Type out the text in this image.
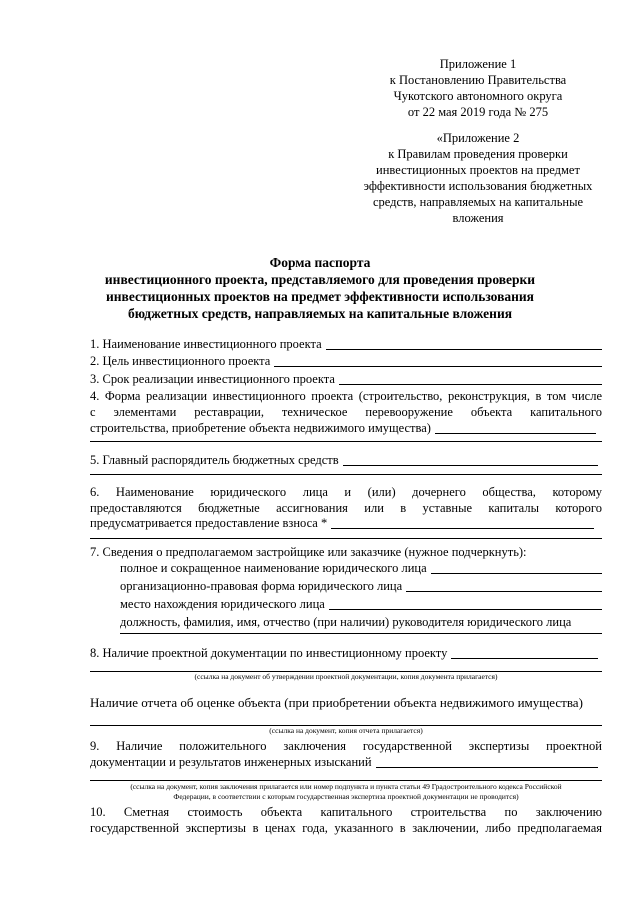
Приложение 1
к Постановлению Правительства
Чукотского автономного округа
от 22 мая 2019 года № 275
«Приложение 2
к Правилам проведения проверки
инвестиционных проектов на предмет
эффективности использования бюджетных
средств, направляемых на капитальные
вложения
Форма паспорта
инвестиционного проекта, представляемого для проведения проверки
инвестиционных проектов на предмет эффективности использования
бюджетных средств, направляемых на капитальные вложения
1. Наименование инвестиционного проекта
2. Цель инвестиционного проекта
3. Срок реализации инвестиционного проекта
4. Форма реализации инвестиционного проекта (строительство, реконструкция, в том числе
с элементами реставрации, техническое перевооружение объекта капитального
строительства, приобретение объекта недвижимого имущества)
5. Главный распорядитель бюджетных средств
6. Наименование юридического лица и (или) дочернего общества, которому
предоставляются бюджетные ассигнования или в уставные капиталы которого
предусматривается предоставление взноса *
7. Сведения о предполагаемом застройщике или заказчике (нужное подчеркнуть):
полное и сокращенное наименование юридического лица
организационно-правовая форма юридического лица
место нахождения юридического лица
должность, фамилия, имя, отчество (при наличии) руководителя юридического лица
8. Наличие проектной документации по инвестиционному проекту
(ссылка на документ об утверждении проектной документации, копия документа прилагается)
Наличие отчета об оценке объекта (при приобретении объекта недвижимого имущества)
(ссылка на документ, копия отчета прилагается)
9. Наличие положительного заключения государственной экспертизы проектной
документации и результатов инженерных изысканий
(ссылка на документ, копия заключения прилагается или номер подпункта и пункта статьи 49 Градостроительного кодекса Российской
Федерации, в соответствии с которым государственная экспертиза проектной документации не проводится)
10. Сметная стоимость объекта капитального строительства по заключению
государственной экспертизы в ценах года, указанного в заключении, либо предполагаемая
